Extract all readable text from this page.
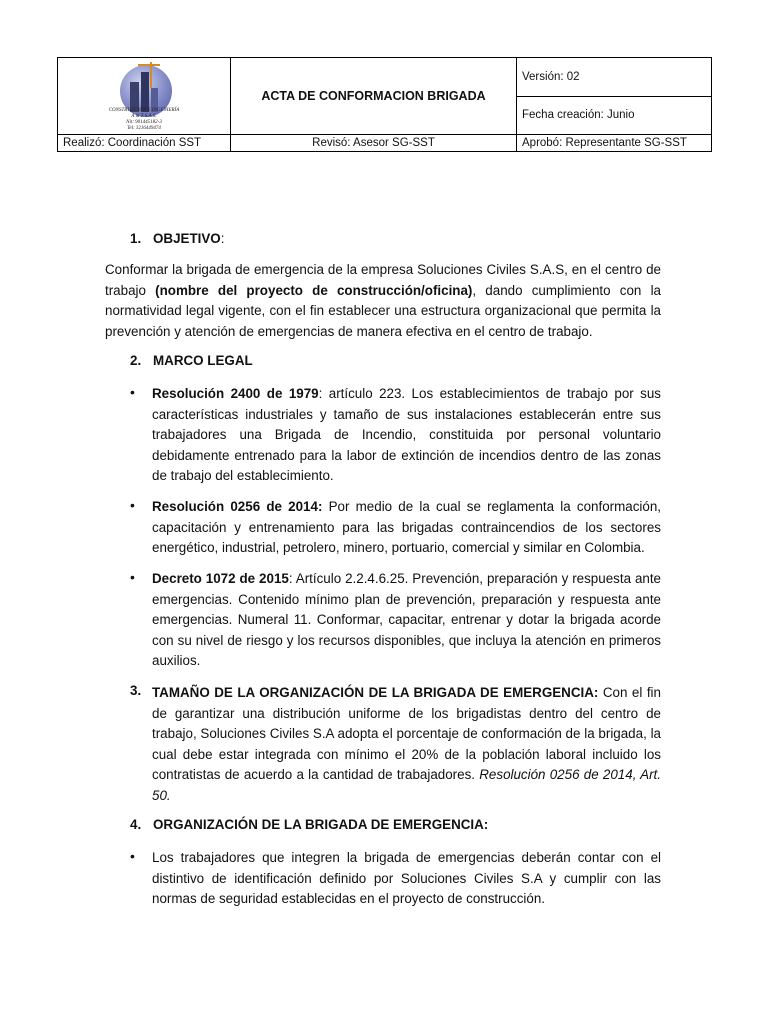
CONSTRUCCIÓN E INGENIERÍA
A & Z S.A.S.
Nit: 901445182-3
Tel: 3216449474	ACTA DE CONFORMACION BRIGADA	Versión: 02
		Fecha creación: Junio
Realizó: Coordinación SST	Revisó: Asesor SG-SST	Aprobó: Representante SG-SST
1. OBJETIVO:

Conformar la brigada de emergencia de la empresa Soluciones Civiles S.A.S, en el centro de trabajo (nombre del proyecto de construcción/oficina), dando cumplimiento con la normatividad legal vigente, con el fin establecer una estructura organizacional que permita la prevención y atención de emergencias de manera efectiva en el centro de trabajo.

2. MARCO LEGAL
• Resolución 2400 de 1979: artículo 223. Los establecimientos de trabajo por sus características industriales y tamaño de sus instalaciones establecerán entre sus trabajadores una Brigada de Incendio, constituida por personal voluntario debidamente entrenado para la labor de extinción de incendios dentro de las zonas de trabajo del establecimiento.
• Resolución 0256 de 2014: Por medio de la cual se reglamenta la conformación, capacitación y entrenamiento para las brigadas contraincendios de los sectores energético, industrial, petrolero, minero, portuario, comercial y similar en Colombia.
• Decreto 1072 de 2015: Artículo 2.2.4.6.25. Prevención, preparación y respuesta ante emergencias. Contenido mínimo plan de prevención, preparación y respuesta ante emergencias. Numeral 11. Conformar, capacitar, entrenar y dotar la brigada acorde con su nivel de riesgo y los recursos disponibles, que incluya la atención en primeros auxilios.
3. TAMAÑO DE LA ORGANIZACIÓN DE LA BRIGADA DE EMERGENCIA: Con el fin de garantizar una distribución uniforme de los brigadistas dentro del centro de trabajo, Soluciones Civiles S.A adopta el porcentaje de conformación de la brigada, la cual debe estar integrada con mínimo el 20% de la población laboral incluido los contratistas de acuerdo a la cantidad de trabajadores. Resolución 0256 de 2014, Art. 50.
4. ORGANIZACIÓN DE LA BRIGADA DE EMERGENCIA:
• Los trabajadores que integren la brigada de emergencias deberán contar con el distintivo de identificación definido por Soluciones Civiles S.A y cumplir con las normas de seguridad establecidas en el proyecto de construcción.
